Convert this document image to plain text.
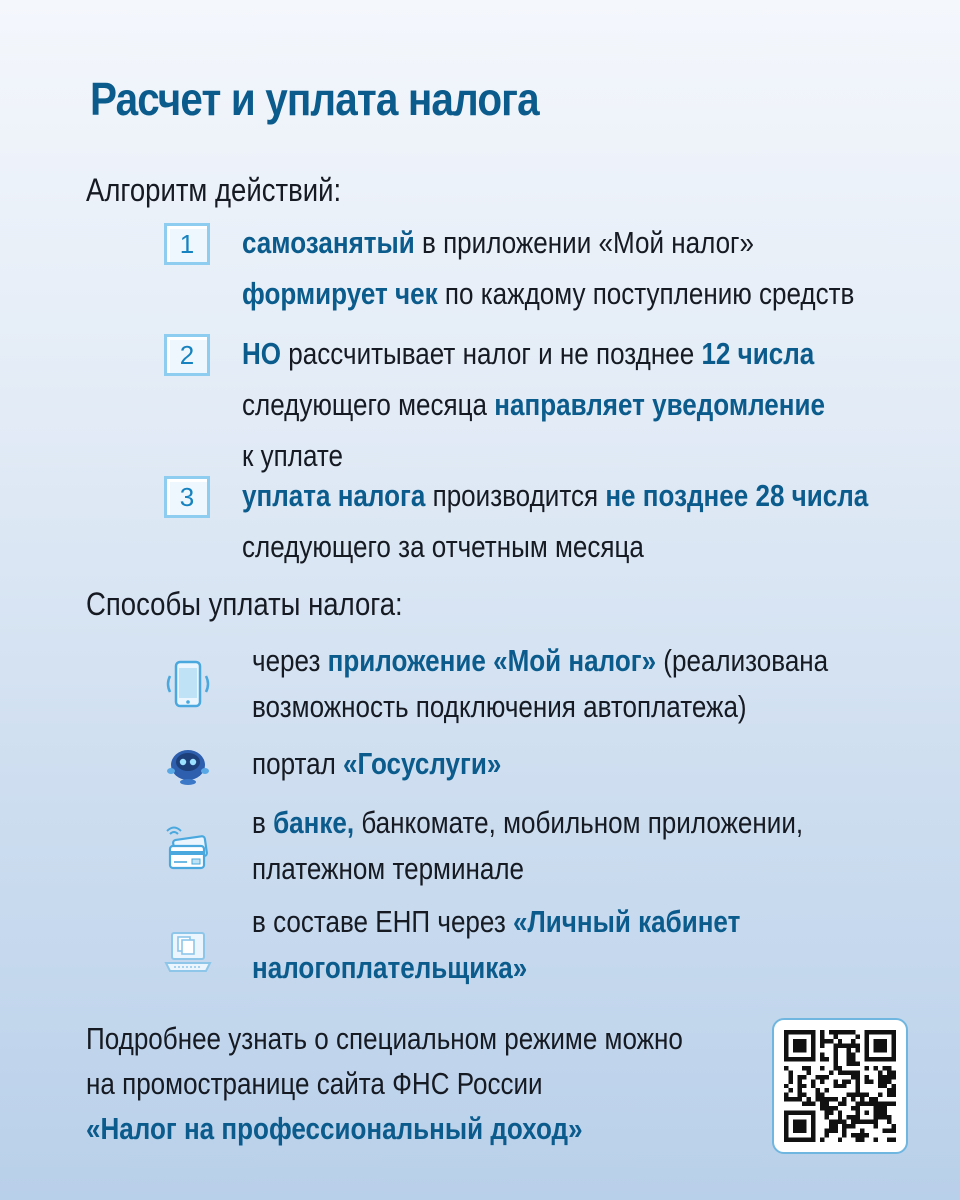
Расчет и уплата налога
Алгоритм действий:
1	самозанятый в приложении «Мой налог»
формирует чек по каждому поступлению средств
2	НО рассчитывает налог и не позднее 12 числа
следующего месяца направляет уведомление
к уплате
3	уплата налога производится не позднее 28 числа
следующего за отчетным месяца
Способы уплаты налога:
через приложение «Мой налог» (реализована
возможность подключения автоплатежа)
портал «Госуслуги»
в банке, банкомате, мобильном приложении,
платежном терминале
в составе ЕНП через «Личный кабинет
налогоплательщика»
Подробнее узнать о специальном режиме можно
на промостранице сайта ФНС России
«Налог на профессиональный доход»
